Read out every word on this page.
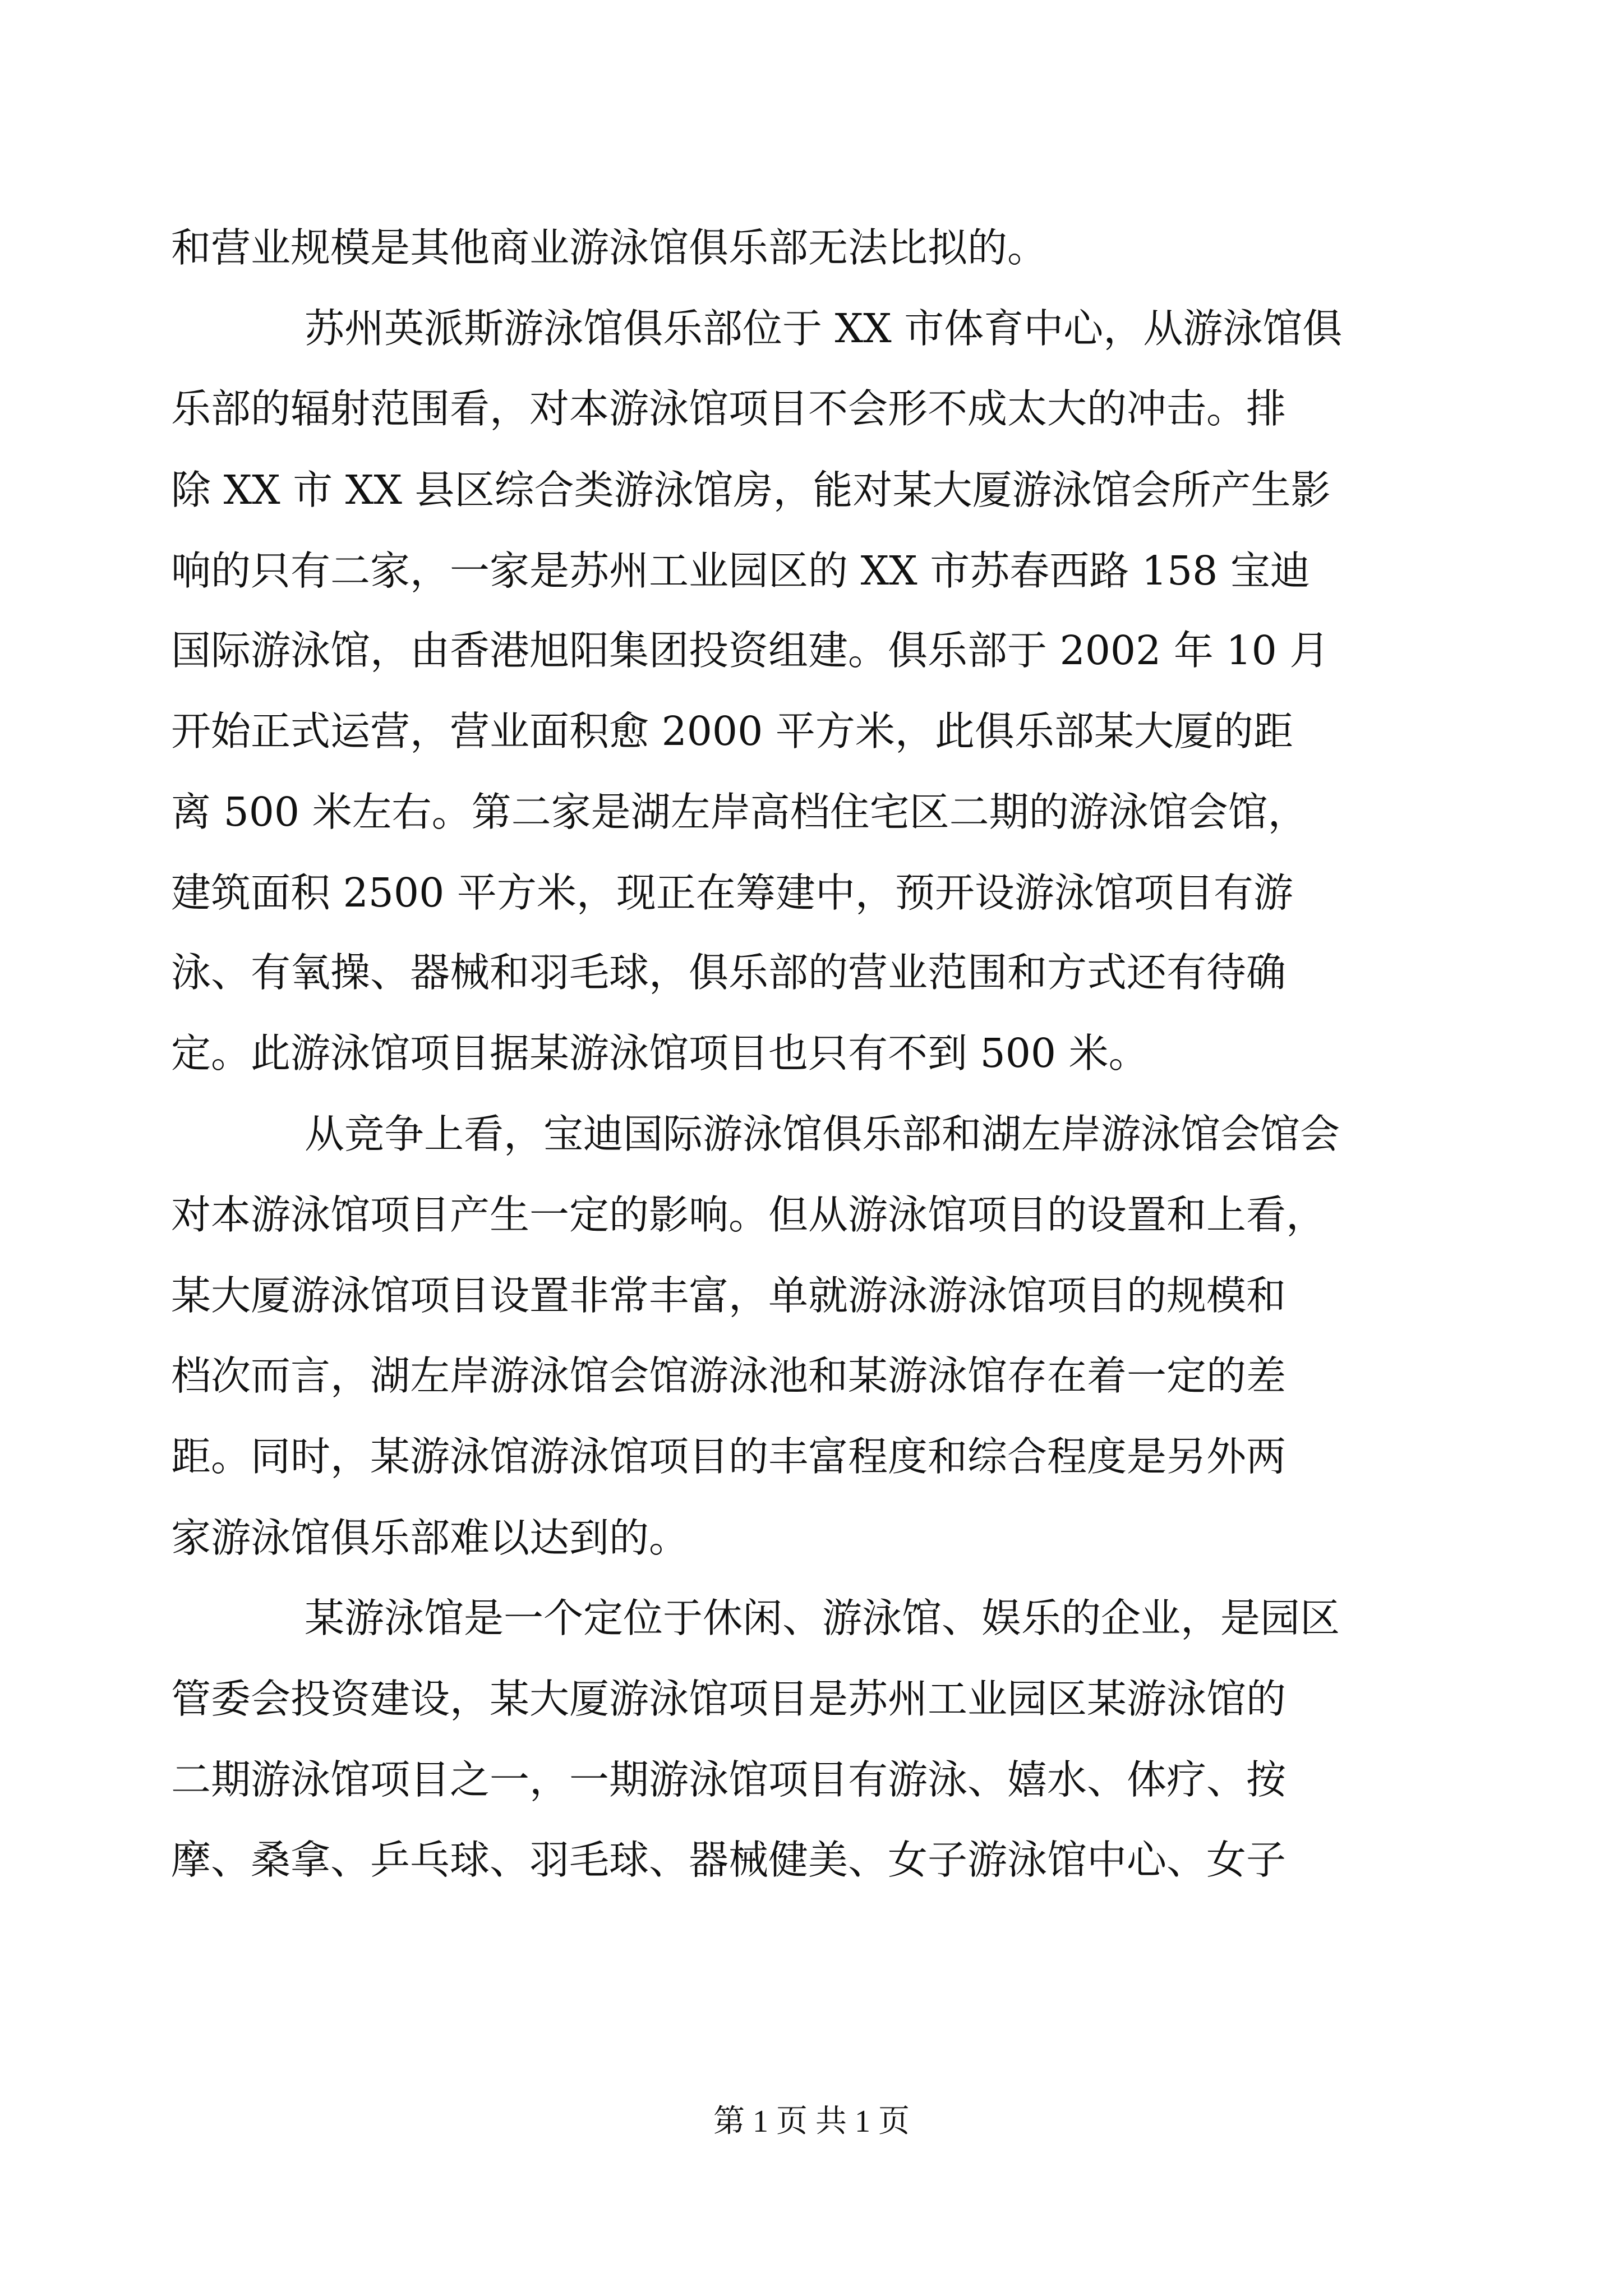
和营业规模是其他商业游泳馆俱乐部无法比拟的。
苏州英派斯游泳馆俱乐部位于 XX 市体育中心，从游泳馆俱
乐部的辐射范围看，对本游泳馆项目不会形不成太大的冲击。排
除 XX 市 XX 县区综合类游泳馆房，能对某大厦游泳馆会所产生影
响的只有二家，一家是苏州工业园区的 XX 市苏春西路 158 宝迪
国际游泳馆，由香港旭阳集团投资组建。俱乐部于 2002 年 10 月
开始正式运营，营业面积愈 2000 平方米，此俱乐部某大厦的距
离 500 米左右。第二家是湖左岸高档住宅区二期的游泳馆会馆，
建筑面积 2500 平方米，现正在筹建中，预开设游泳馆项目有游
泳、有氧操、器械和羽毛球，俱乐部的营业范围和方式还有待确
定。此游泳馆项目据某游泳馆项目也只有不到 500 米。
从竞争上看，宝迪国际游泳馆俱乐部和湖左岸游泳馆会馆会
对本游泳馆项目产生一定的影响。但从游泳馆项目的设置和上看，
某大厦游泳馆项目设置非常丰富，单就游泳游泳馆项目的规模和
档次而言，湖左岸游泳馆会馆游泳池和某游泳馆存在着一定的差
距。同时，某游泳馆游泳馆项目的丰富程度和综合程度是另外两
家游泳馆俱乐部难以达到的。
某游泳馆是一个定位于休闲、游泳馆、娱乐的企业，是园区
管委会投资建设，某大厦游泳馆项目是苏州工业园区某游泳馆的
二期游泳馆项目之一，一期游泳馆项目有游泳、嬉水、体疗、按
摩、桑拿、乒乓球、羽毛球、器械健美、女子游泳馆中心、女子
第 1 页 共 1 页
